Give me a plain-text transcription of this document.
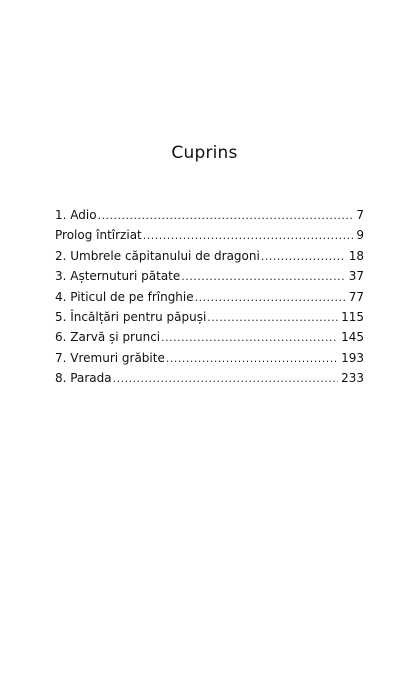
Cuprins
1. Adio .....	7
Prolog întîrziat .....	9
2. Umbrele căpitanului de dragoni .....	18
3. Așternuturi pătate .....	37
4. Piticul de pe frînghie .....	77
5. Încălțări pentru păpuși .....	115
6. Zarvă și prunci .....	145
7. Vremuri grăbite .....	193
8. Parada .....	233
